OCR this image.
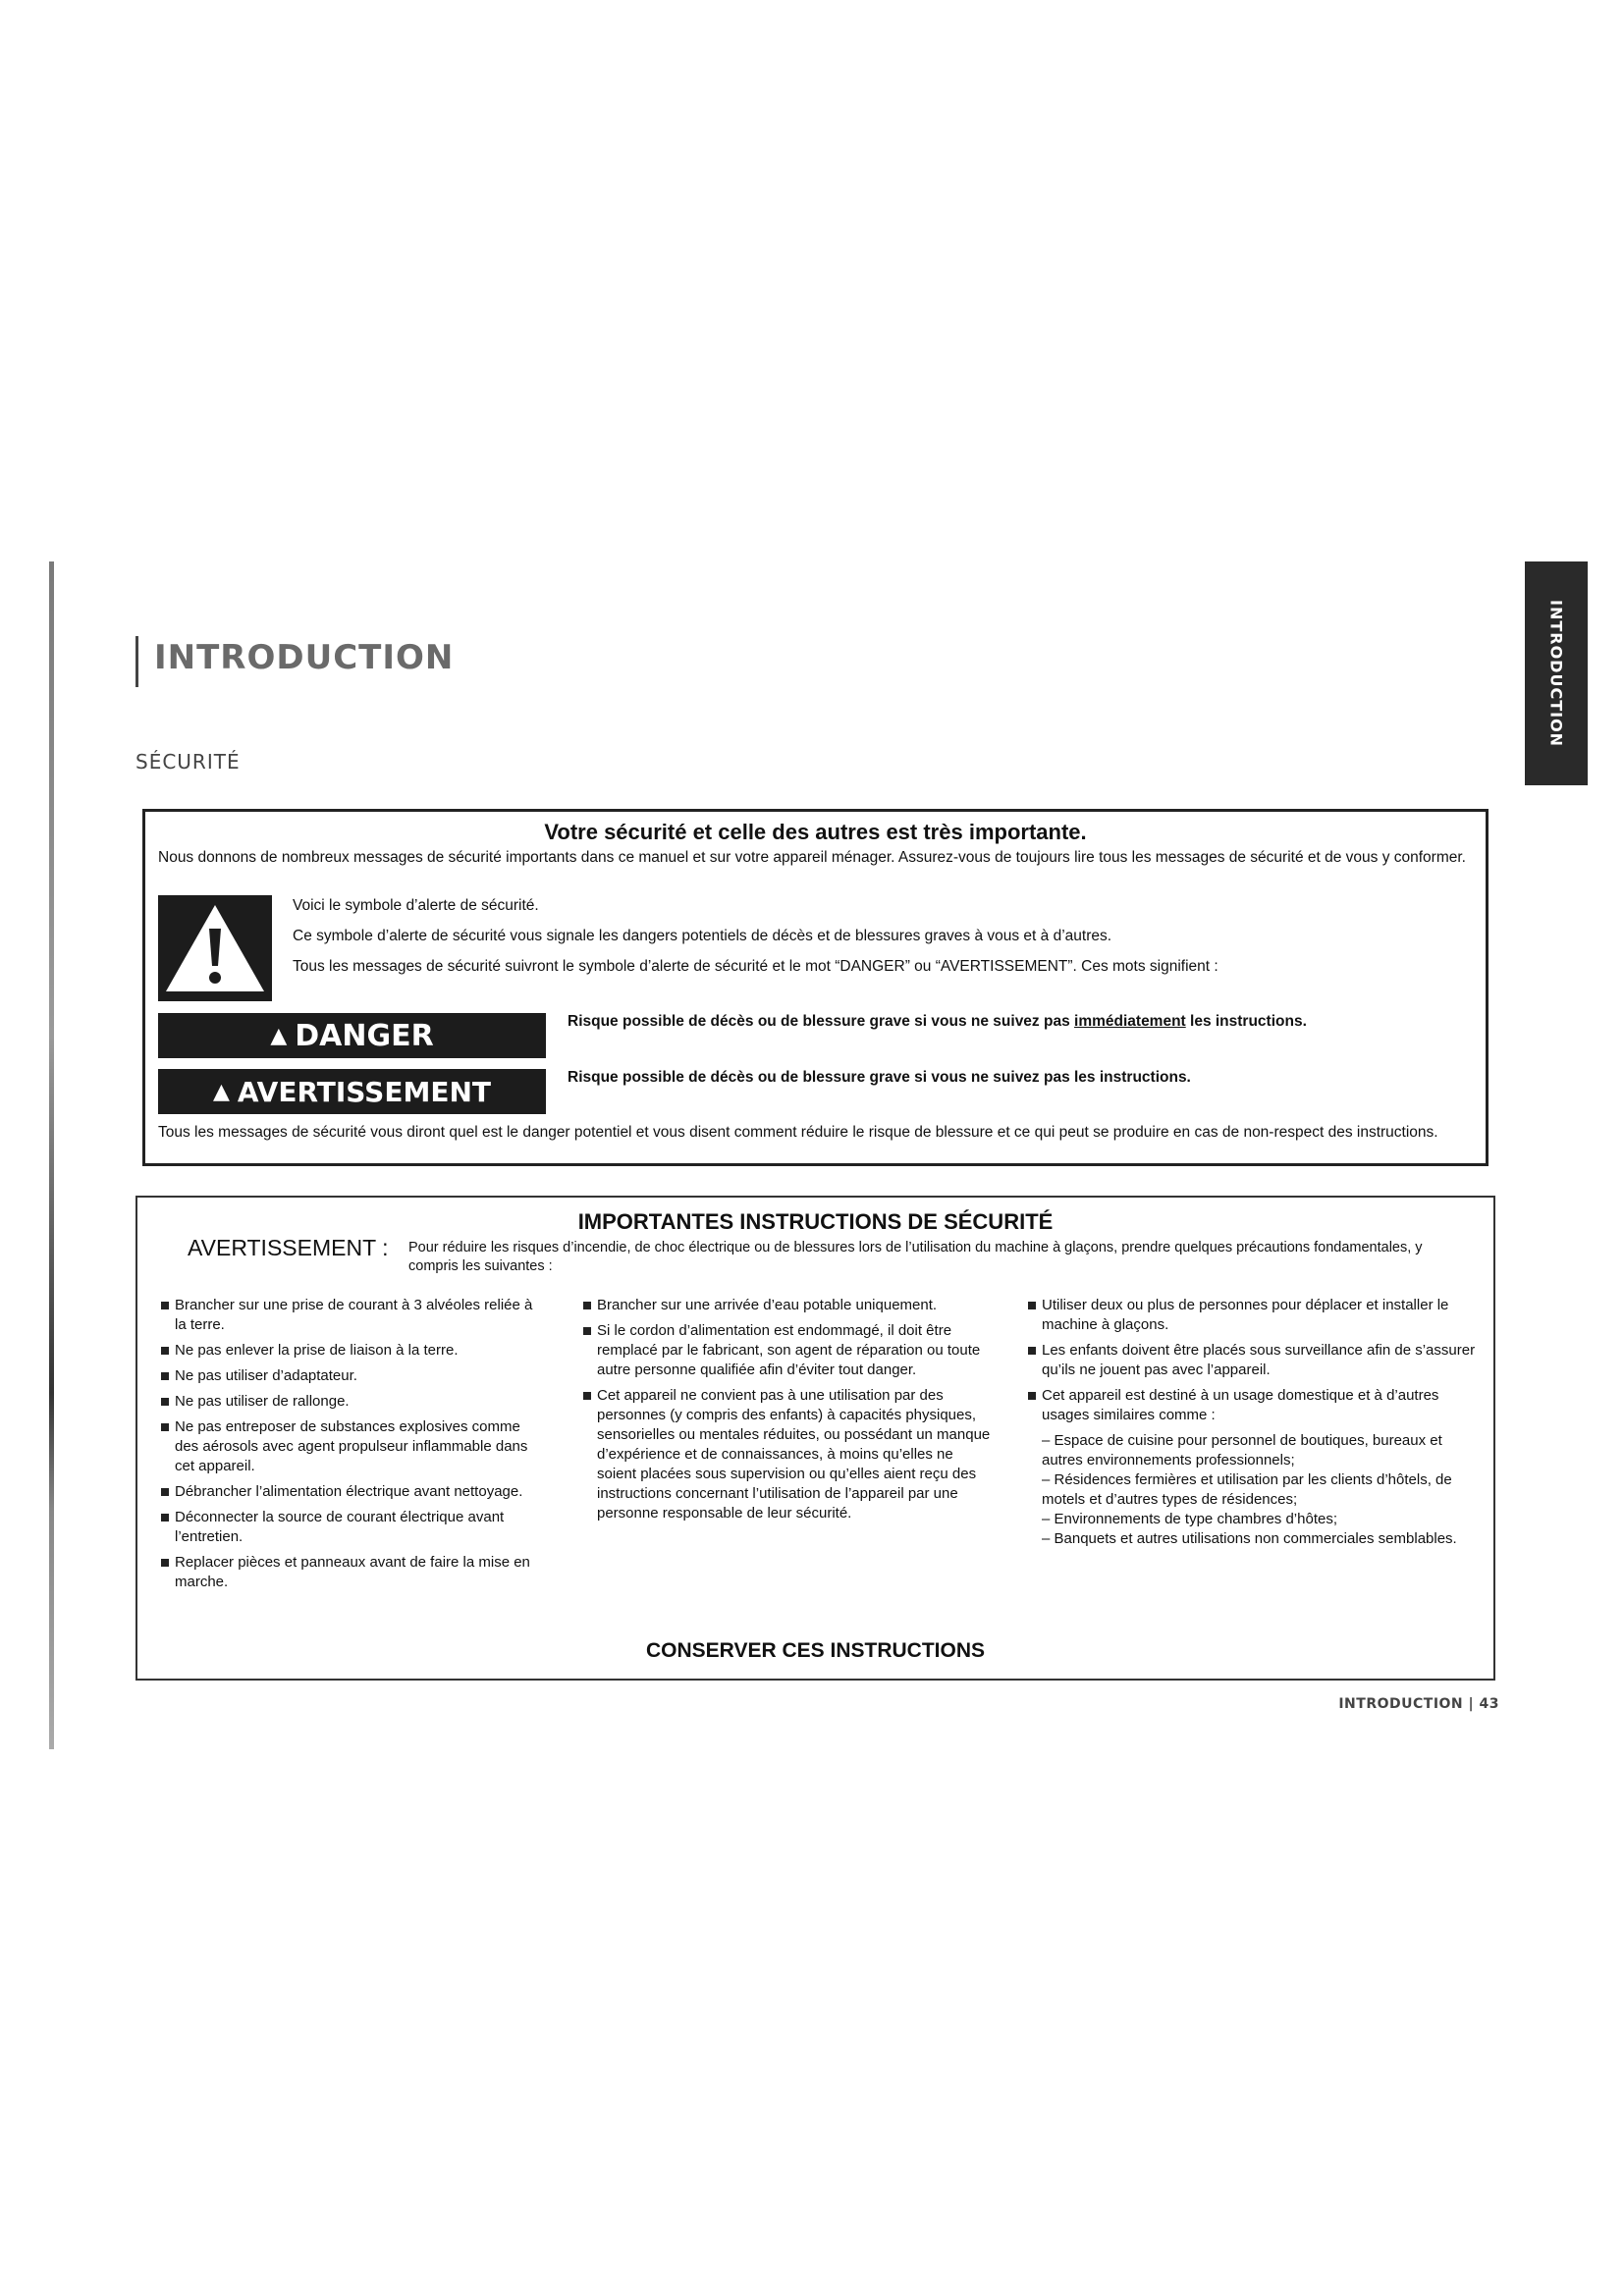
INTRODUCTION
INTRODUCTION
SÉCURITÉ
Votre sécurité et celle des autres est très importante.
Nous donnons de nombreux messages de sécurité importants dans ce manuel et sur votre appareil ménager. Assurez-vous de toujours lire tous les messages de sécurité et de vous y conformer.
Voici le symbole d’alerte de sécurité.
Ce symbole d’alerte de sécurité vous signale les dangers potentiels de décès et de blessures graves à vous et à d’autres.
Tous les messages de sécurité suivront le symbole d’alerte de sécurité et le mot “DANGER” ou “AVERTISSEMENT”. Ces mots signifient :
▲ DANGER	Risque possible de décès ou de blessure grave si vous ne suivez pas immédiatement les instructions.
▲ AVERTISSEMENT	Risque possible de décès ou de blessure grave si vous ne suivez pas les instructions.
Tous les messages de sécurité vous diront quel est le danger potentiel et vous disent comment réduire le risque de blessure et ce qui peut se produire en cas de non-respect des instructions.
IMPORTANTES INSTRUCTIONS DE SÉCURITÉ
AVERTISSEMENT : Pour réduire les risques d’incendie, de choc électrique ou de blessures lors de l’utilisation du machine à glaçons, prendre quelques précautions fondamentales, y compris les suivantes :
Brancher sur une prise de courant à 3 alvéoles reliée à la terre.
Ne pas enlever la prise de liaison à la terre.
Ne pas utiliser d’adaptateur.
Ne pas utiliser de rallonge.
Ne pas entreposer de substances explosives comme des aérosols avec agent propulseur inflammable dans cet appareil.
Débrancher l’alimentation électrique avant nettoyage.
Déconnecter la source de courant électrique avant l’entretien.
Replacer pièces et panneaux avant de faire la mise en marche.
Brancher sur une arrivée d’eau potable uniquement.
Si le cordon d’alimentation est endommagé, il doit être remplacé par le fabricant, son agent de réparation ou toute autre personne qualifiée afin d’éviter tout danger.
Cet appareil ne convient pas à une utilisation par des personnes (y compris des enfants) à capacités physiques, sensorielles ou mentales réduites, ou possédant un manque d’expérience et de connaissances, à moins qu’elles ne soient placées sous supervision ou qu’elles aient reçu des instructions concernant l’utilisation de l’appareil par une personne responsable de leur sécurité.
Utiliser deux ou plus de personnes pour déplacer et installer le machine à glaçons.
Les enfants doivent être placés sous surveillance afin de s’assurer qu’ils ne jouent pas avec l’appareil.
Cet appareil est destiné à un usage domestique et à d’autres usages similaires comme :
– Espace de cuisine pour personnel de boutiques, bureaux et autres environnements professionnels;
– Résidences fermières et utilisation par les clients d’hôtels, de motels et d’autres types de résidences;
– Environnements de type chambres d’hôtes;
– Banquets et autres utilisations non commerciales semblables.
CONSERVER CES INSTRUCTIONS
INTRODUCTION | 43
